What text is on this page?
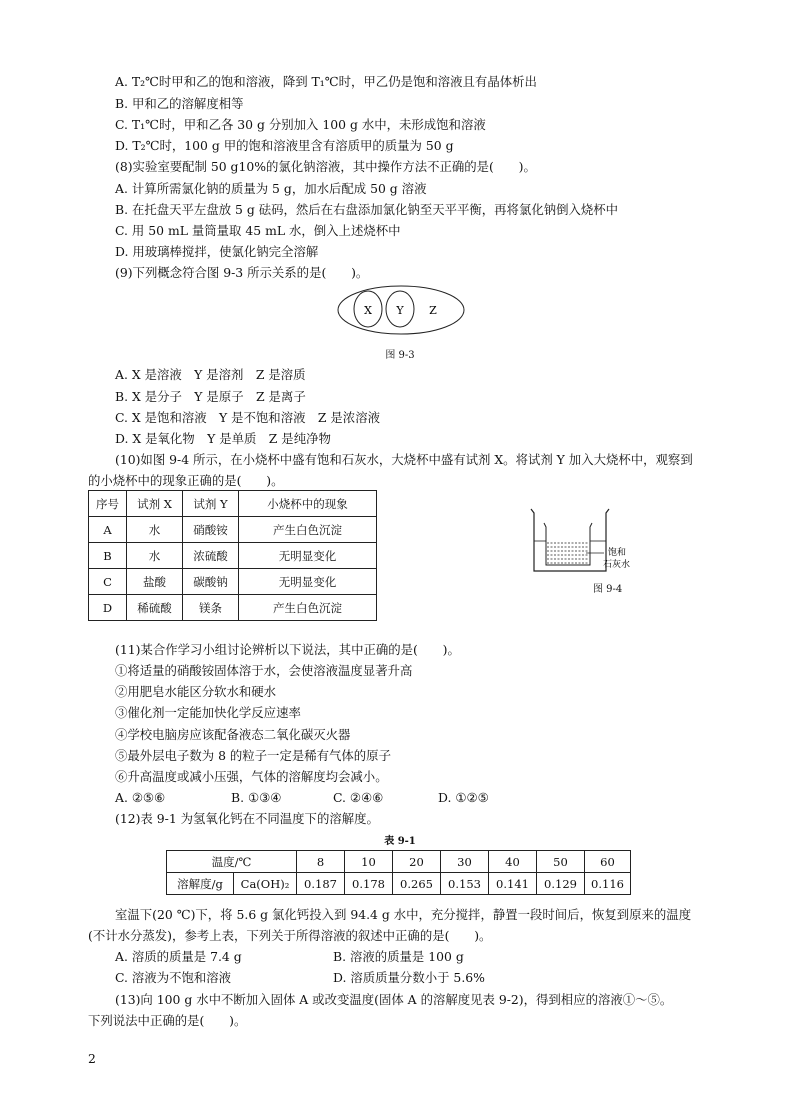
A. T₂℃时甲和乙的饱和溶液，降到 T₁℃时，甲乙仍是饱和溶液且有晶体析出
B. 甲和乙的溶解度相等
C. T₁℃时，甲和乙各 30 g 分别加入 100 g 水中，未形成饱和溶液
D. T₂℃时，100 g 甲的饱和溶液里含有溶质甲的质量为 50 g
(8)实验室要配制 50 g10%的氯化钠溶液，其中操作方法不正确的是(　　)。
A. 计算所需氯化钠的质量为 5 g，加水后配成 50 g 溶液
B. 在托盘天平左盘放 5 g 砝码，然后在右盘添加氯化钠至天平平衡，再将氯化钠倒入烧杯中
C. 用 50 mL 量筒量取 45 mL 水，倒入上述烧杯中
D. 用玻璃棒搅拌，使氯化钠完全溶解
(9)下列概念符合图 9-3 所示关系的是(　　)。
X Y Z
图 9-3
A. X 是溶液　Y 是溶剂　Z 是溶质
B. X 是分子　Y 是原子　Z 是离子
C. X 是饱和溶液　Y 是不饱和溶液　Z 是浓溶液
D. X 是氧化物　Y 是单质　Z 是纯净物
(10)如图 9-4 所示，在小烧杯中盛有饱和石灰水，大烧杯中盛有试剂 X。将试剂 Y 加入大烧杯中，观察到
的小烧杯中的现象正确的是(　　)。
序号	试剂 X	试剂 Y	小烧杯中的现象
A	水	硝酸铵	产生白色沉淀
B	水	浓硫酸	无明显变化
C	盐酸	碳酸钠	无明显变化
D	稀硫酸	镁条	产生白色沉淀
饱和
石灰水
图 9-4
(11)某合作学习小组讨论辨析以下说法，其中正确的是(　　)。
①将适量的硝酸铵固体溶于水，会使溶液温度显著升高
②用肥皂水能区分软水和硬水
③催化剂一定能加快化学反应速率
④学校电脑房应该配备液态二氧化碳灭火器
⑤最外层电子数为 8 的粒子一定是稀有气体的原子
⑥升高温度或减小压强，气体的溶解度均会减小。
A. ②⑤⑥	B. ①③④	C. ②④⑥	D. ①②⑤
(12)表 9-1 为氢氧化钙在不同温度下的溶解度。
表 9-1
温度/℃		8	10	20	30	40	50	60
溶解度/g	Ca(OH)₂	0.187	0.178	0.265	0.153	0.141	0.129	0.116
室温下(20 ℃)下，将 5.6 g 氯化钙投入到 94.4 g 水中，充分搅拌，静置一段时间后，恢复到原来的温度
(不计水分蒸发)，参考上表，下列关于所得溶液的叙述中正确的是(　　)。
A. 溶质的质量是 7.4 g	B. 溶液的质量是 100 g
C. 溶液为不饱和溶液	D. 溶质质量分数小于 5.6%
(13)向 100 g 水中不断加入固体 A 或改变温度(固体 A 的溶解度见表 9-2)，得到相应的溶液①～⑤。
下列说法中正确的是(　　)。
2
